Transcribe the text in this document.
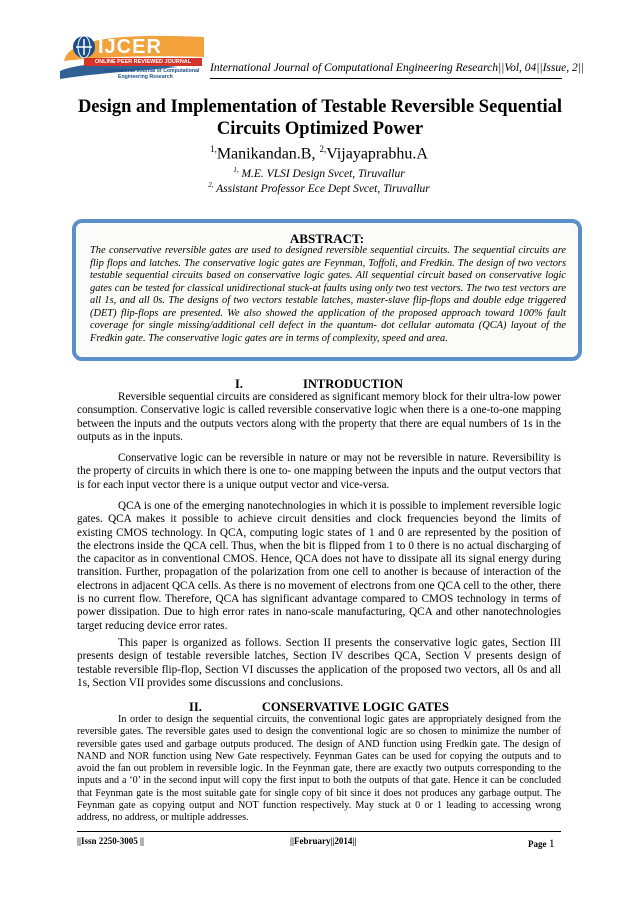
IJCER
ONLINE PEER REVIEWED JOURNAL
International Journal of Computational
Engineering Research
International Journal of Computational Engineering Research||Vol, 04||Issue, 2||
Design and Implementation of Testable Reversible Sequential
Circuits Optimized Power
$^{1,}$Manikandan.B, $^{2,}$Vijayaprabhu.A
$^{1,}$ M.E. VLSI Design Svcet, Tiruvallur
$^{2,}$ Assistant Professor Ece Dept Svcet, Tiruvallur
ABSTRACT:
The conservative reversible gates are used to designed reversible sequential circuits. The sequential circuits are flip flops and latches. The conservative logic gates are Feynman, Toffoli, and Fredkin. The design of two vectors testable sequential circuits based on conservative logic gates. All sequential circuit based on conservative logic gates can be tested for classical unidirectional stuck-at faults using only two test vectors. The two test vectors are all 1s, and all 0s. The designs of two vectors testable latches, master-slave flip-flops and double edge triggered (DET) flip-flops are presented. We also showed the application of the proposed approach toward 100% fault coverage for single missing/additional cell defect in the quantum- dot cellular automata (QCA) layout of the Fredkin gate. The conservative logic gates are in terms of complexity, speed and area.
I.	INTRODUCTION
Reversible sequential circuits are considered as significant memory block for their ultra-low power consumption. Conservative logic is called reversible conservative logic when there is a one-to-one mapping between the inputs and the outputs vectors along with the property that there are equal numbers of 1s in the outputs as in the inputs.
Conservative logic can be reversible in nature or may not be reversible in nature. Reversibility is the property of circuits in which there is one to- one mapping between the inputs and the output vectors that is for each input vector there is a unique output vector and vice-versa.
QCA is one of the emerging nanotechnologies in which it is possible to implement reversible logic gates. QCA makes it possible to achieve circuit densities and clock frequencies beyond the limits of existing CMOS technology. In QCA, computing logic states of 1 and 0 are represented by the position of the electrons inside the QCA cell. Thus, when the bit is flipped from 1 to 0 there is no actual discharging of the capacitor as in conventional CMOS. Hence, QCA does not have to dissipate all its signal energy during transition. Further, propagation of the polarization from one cell to another is because of interaction of the electrons in adjacent QCA cells. As there is no movement of electrons from one QCA cell to the other, there is no current flow. Therefore, QCA has significant advantage compared to CMOS technology in terms of power dissipation. Due to high error rates in nano-scale manufacturing, QCA and other nanotechnologies target reducing device error rates.
This paper is organized as follows. Section II presents the conservative logic gates, Section III presents design of testable reversible latches, Section IV describes QCA, Section V presents design of testable reversible flip-flop, Section VI discusses the application of the proposed two vectors, all 0s and all 1s, Section VII provides some discussions and conclusions.
II.	CONSERVATIVE LOGIC GATES
In order to design the sequential circuits, the conventional logic gates are appropriately designed from the reversible gates. The reversible gates used to design the conventional logic are so chosen to minimize the number of reversible gates used and garbage outputs produced. The design of AND function using Fredkin gate. The design of NAND and NOR function using New Gate respectively. Feynman Gates can be used for copying the outputs and to avoid the fan out problem in reversible logic. In the Feynman gate, there are exactly two outputs corresponding to the inputs and a ‘0’ in the second input will copy the first input to both the outputs of that gate. Hence it can be concluded that Feynman gate is the most suitable gate for single copy of bit since it does not produces any garbage output. The Feynman gate as copying output and NOT function respectively. May stuck at 0 or 1 leading to accessing wrong address, no address, or multiple addresses.
||Issn 2250-3005 ||	||February||2014||	Page 1
